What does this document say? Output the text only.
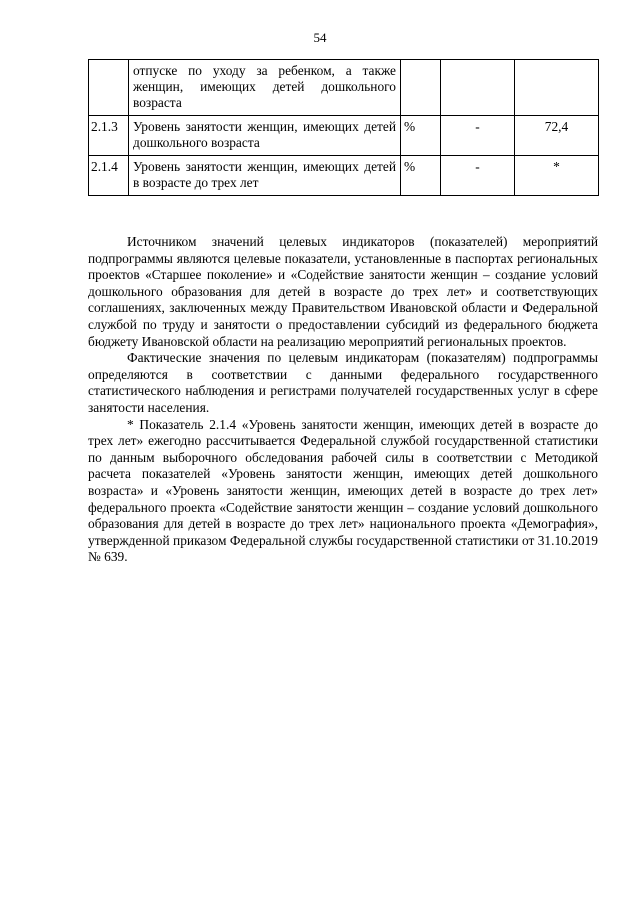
54
	отпуске по уходу за ребенком, а также женщин, имеющих детей дошкольного возраста			
2.1.3	Уровень занятости женщин, имеющих детей дошкольного возраста	%	-	72,4
2.1.4	Уровень занятости женщин, имеющих детей в возрасте до трех лет	%	-	*

Источником значений целевых индикаторов (показателей) мероприятий подпрограммы являются целевые показатели, установленные в паспортах региональных проектов «Старшее поколение» и «Содействие занятости женщин – создание условий дошкольного образования для детей в возрасте до трех лет» и соответствующих соглашениях, заключенных между Правительством Ивановской области и Федеральной службой по труду и занятости о предоставлении субсидий из федерального бюджета бюджету Ивановской области на реализацию мероприятий региональных проектов.

Фактические значения по целевым индикаторам (показателям) подпрограммы определяются в соответствии с данными федерального государственного статистического наблюдения и регистрами получателей государственных услуг в сфере занятости населения.

* Показатель 2.1.4 «Уровень занятости женщин, имеющих детей в возрасте до трех лет» ежегодно рассчитывается Федеральной службой государственной статистики по данным выборочного обследования рабочей силы в соответствии с Методикой расчета показателей «Уровень занятости женщин, имеющих детей дошкольного возраста» и «Уровень занятости женщин, имеющих детей в возрасте до трех лет» федерального проекта «Содействие занятости женщин – создание условий дошкольного образования для детей в возрасте до трех лет» национального проекта «Демография», утвержденной приказом Федеральной службы государственной статистики от 31.10.2019 № 639.
